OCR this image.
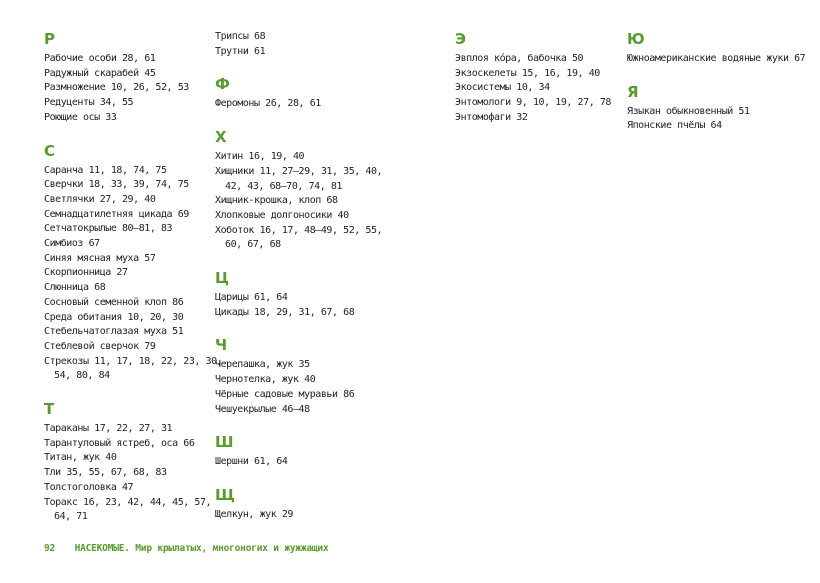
Р

Рабочие особи 28, 61

Радужный скарабей 45

Размножение 10, 26, 52, 53

Редуценты 34, 55

Роющие осы 33

С

Саранча 11, 18, 74, 75

Сверчки 18, 33, 39, 74, 75

Светлячки 27, 29, 40

Семнадцатилетняя цикада 69

Сетчатокрылые 80–81, 83

Симбиоз 67

Синяя мясная муха 57

Скорпионница 27

Слюнница 68

Сосновый семенной клоп 86

Среда обитания 10, 20, 30

Стебельчатоглазая муха 51

Стеблевой сверчок 79

Стрекозы 11, 17, 18, 22, 23, 30, 54, 80, 84

Т

Тараканы 17, 22, 27, 31

Тарантуловый ястреб, оса 66

Титан, жук 40

Тли 35, 55, 67, 68, 83

Толстоголовка 47

Торакс 16, 23, 42, 44, 45, 57, 64, 71

Трипсы 68

Трутни 61

Ф

Феромоны 26, 28, 61

Х

Хитин 16, 19, 40

Хищники 11, 27–29, 31, 35, 40, 42, 43, 68–70, 74, 81

Хищник-крошка, клоп 68

Хлопковые долгоносики 40

Хоботок 16, 17, 48–49, 52, 55, 60, 67, 68

Ц

Царицы 61, 64

Цикады 18, 29, 31, 67, 68

Ч

Черепашка, жук 35

Чернотелка, жук 40

Чёрные садовые муравьи 86

Чешуекрылые 46–48

Ш

Шершни 61, 64

Щ

Щелкун, жук 29

Э

Эвплоя кóра, бабочка 50

Экзоскелеты 15, 16, 19, 40

Экосистемы 10, 34

Энтомологи 9, 10, 19, 27, 78

Энтомофаги 32

Ю

Южноамериканские водяные жуки 67

Я

Языкан обыкновенный 51

Японские пчёлы 64

92 НАСЕКОМЫЕ. Мир крылатых, многоногих и жужжащих
